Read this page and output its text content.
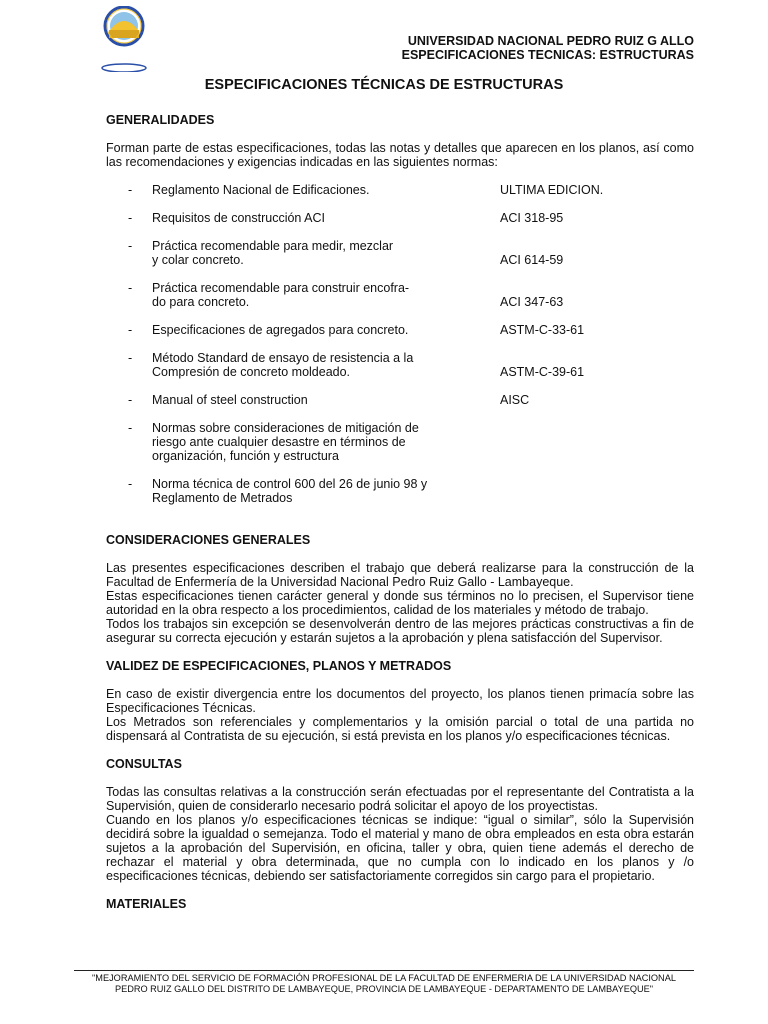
UNIVERSIDAD NACIONAL PEDRO RUIZ G ALLO
ESPECIFICACIONES TECNICAS: ESTRUCTURAS
ESPECIFICACIONES TÉCNICAS DE ESTRUCTURAS
GENERALIDADES
Forman parte de estas especificaciones, todas las notas y detalles que aparecen en los planos, así como las recomendaciones y exigencias indicadas en las siguientes normas:
-	Reglamento Nacional de Edificaciones.	ULTIMA EDICION.
-	Requisitos de construcción ACI	ACI 318-95
-	Práctica recomendable para medir, mezclar
y colar concreto.	ACI 614-59
-	Práctica recomendable para construir encofra-
do para concreto.	ACI 347-63
-	Especificaciones de agregados para concreto.	ASTM-C-33-61
-	Método Standard de ensayo de resistencia a la
Compresión de concreto moldeado.	ASTM-C-39-61
-	Manual of steel construction	AISC
-	Normas sobre consideraciones de mitigación de
riesgo ante cualquier desastre en términos de
organización, función y estructura
-	Norma técnica de control 600 del 26 de junio 98 y
Reglamento de Metrados
CONSIDERACIONES GENERALES
Las presentes especificaciones describen el trabajo que deberá realizarse para la construcción de la Facultad de Enfermería de la Universidad Nacional Pedro Ruiz Gallo - Lambayeque.
Estas especificaciones tienen carácter general y donde sus términos no lo precisen, el Supervisor tiene autoridad en la obra respecto a los procedimientos, calidad de los materiales y método de trabajo.
Todos los trabajos sin excepción se desenvolverán dentro de las mejores prácticas constructivas a fin de asegurar su correcta ejecución y estarán sujetos a la aprobación y plena satisfacción del Supervisor.
VALIDEZ DE ESPECIFICACIONES, PLANOS Y METRADOS
En caso de existir divergencia entre los documentos del proyecto, los planos tienen primacía sobre las Especificaciones Técnicas.
Los Metrados son referenciales y complementarios y la omisión parcial o total de una partida no dispensará al Contratista de su ejecución, si está prevista en los planos y/o especificaciones técnicas.
CONSULTAS
Todas las consultas relativas a la construcción serán efectuadas por el representante del Contratista a la Supervisión, quien de considerarlo necesario podrá solicitar el apoyo de los proyectistas.
Cuando en los planos y/o especificaciones técnicas se indique: “igual o similar”, sólo la Supervisión decidirá sobre la igualdad o semejanza. Todo el material y mano de obra empleados en esta obra estarán sujetos a la aprobación del Supervisión, en oficina, taller y obra, quien tiene además el derecho de rechazar el material y obra determinada, que no cumpla con lo indicado en los planos y /o especificaciones técnicas, debiendo ser satisfactoriamente corregidos sin cargo para el propietario.
MATERIALES
"MEJORAMIENTO DEL SERVICIO DE FORMACIÓN PROFESIONAL DE LA FACULTAD DE ENFERMERIA DE LA UNIVERSIDAD NACIONAL
PEDRO RUIZ GALLO DEL DISTRITO DE LAMBAYEQUE, PROVINCIA DE LAMBAYEQUE - DEPARTAMENTO DE LAMBAYEQUE"
